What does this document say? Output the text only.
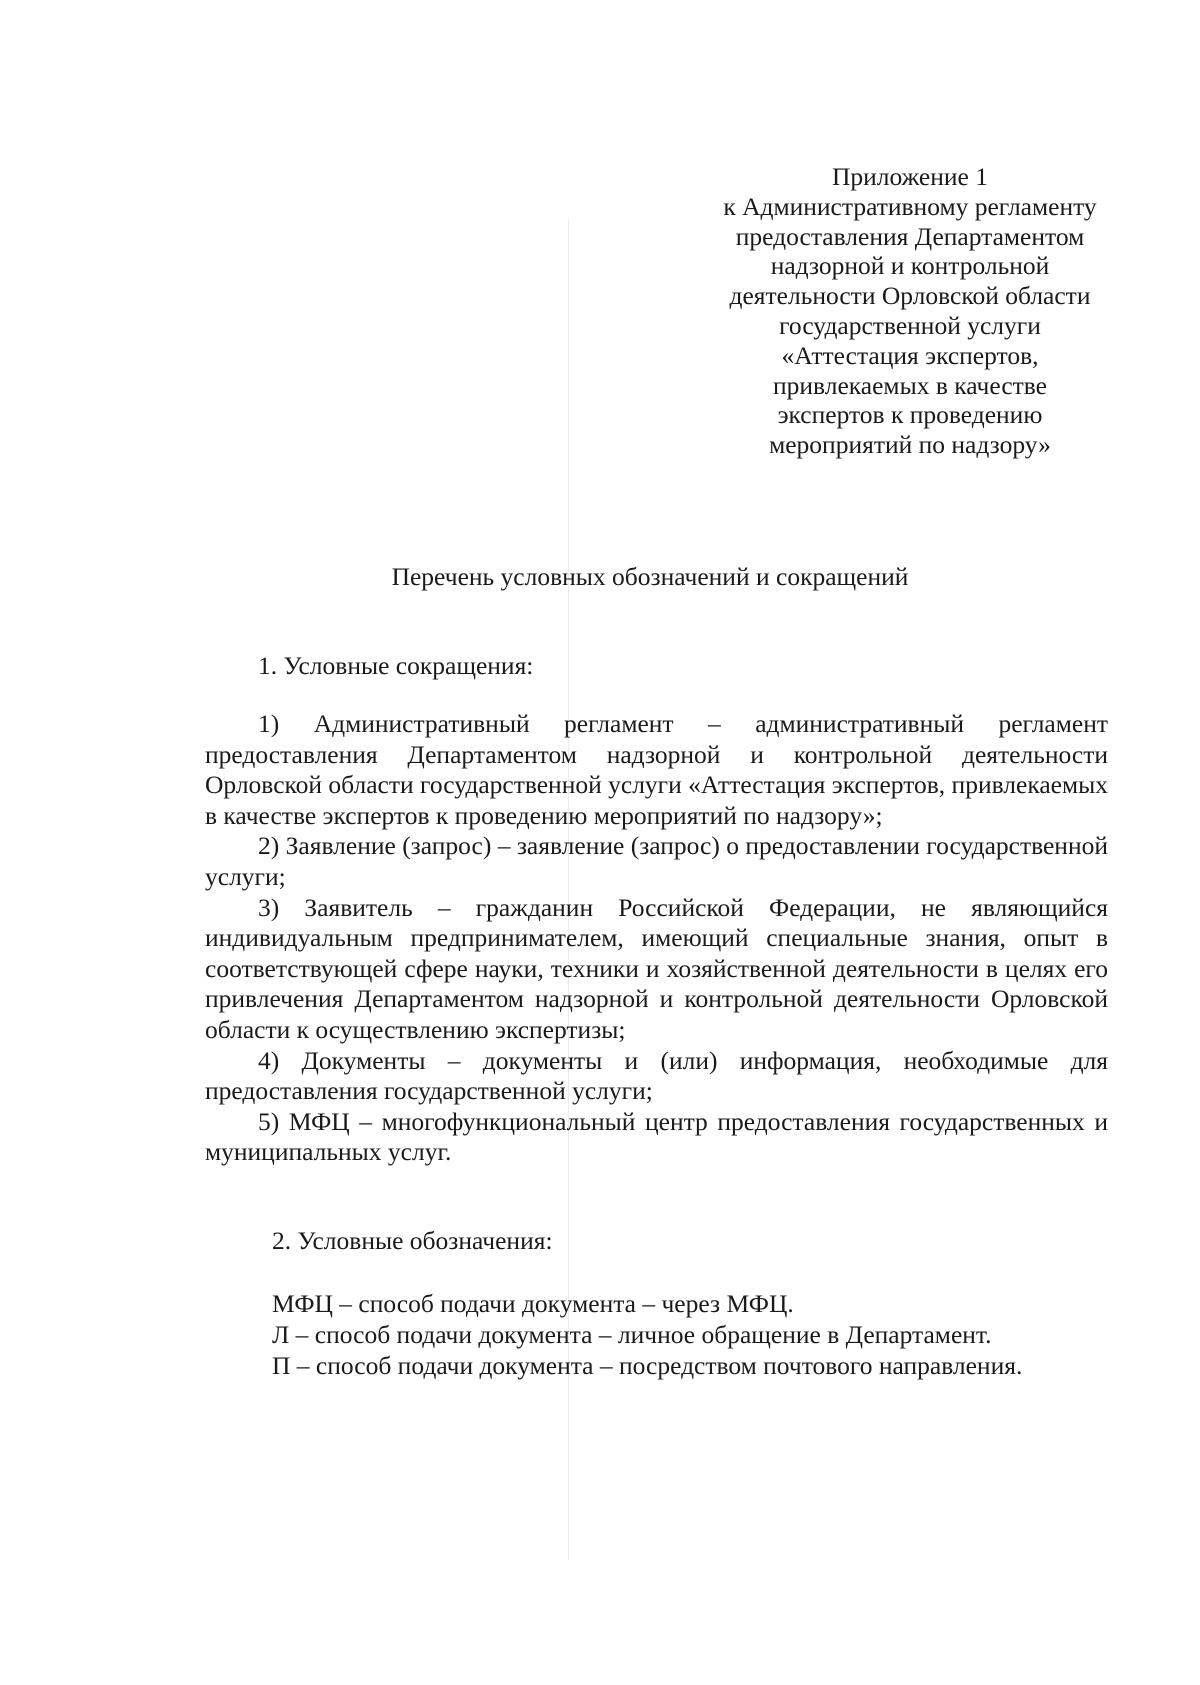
Приложение 1
к Административному регламенту
предоставления Департаментом
надзорной и контрольной
деятельности Орловской области
государственной услуги
«Аттестация экспертов,
привлекаемых в качестве
экспертов к проведению
мероприятий по надзору»
Перечень условных обозначений и сокращений
1. Условные сокращения:

1) Административный регламент – административный регламент предоставления Департаментом надзорной и контрольной деятельности Орловской области государственной услуги «Аттестация экспертов, привлекаемых в качестве экспертов к проведению мероприятий по надзору»;

2) Заявление (запрос) – заявление (запрос) о предоставлении государственной услуги;

3) Заявитель – гражданин Российской Федерации, не являющийся индивидуальным предпринимателем, имеющий специальные знания, опыт в соответствующей сфере науки, техники и хозяйственной деятельности в целях его привлечения Департаментом надзорной и контрольной деятельности Орловской области к осуществлению экспертизы;

4) Документы – документы и (или) информация, необходимые для предоставления государственной услуги;

5) МФЦ – многофункциональный центр предоставления государственных и муниципальных услуг.

2. Условные обозначения:
МФЦ – способ подачи документа – через МФЦ.
Л – способ подачи документа – личное обращение в Департамент.
П – способ подачи документа – посредством почтового направления.
